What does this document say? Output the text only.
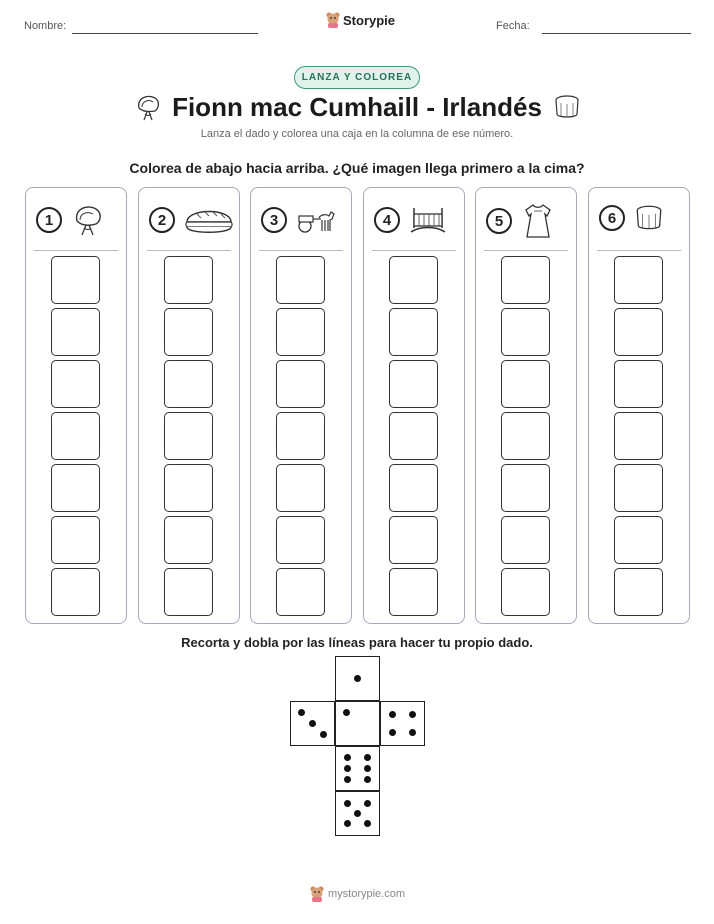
Nombre:	Storypie	Fecha:
LANZA Y COLOREA
Fionn mac Cumhaill - Irlandés
Lanza el dado y colorea una caja en la columna de ese número.
Colorea de abajo hacia arriba. ¿Qué imagen llega primero a la cima?
1	2	3	4	5	6
Recorta y dobla por las líneas para hacer tu propio dado.
mystorypie.com
